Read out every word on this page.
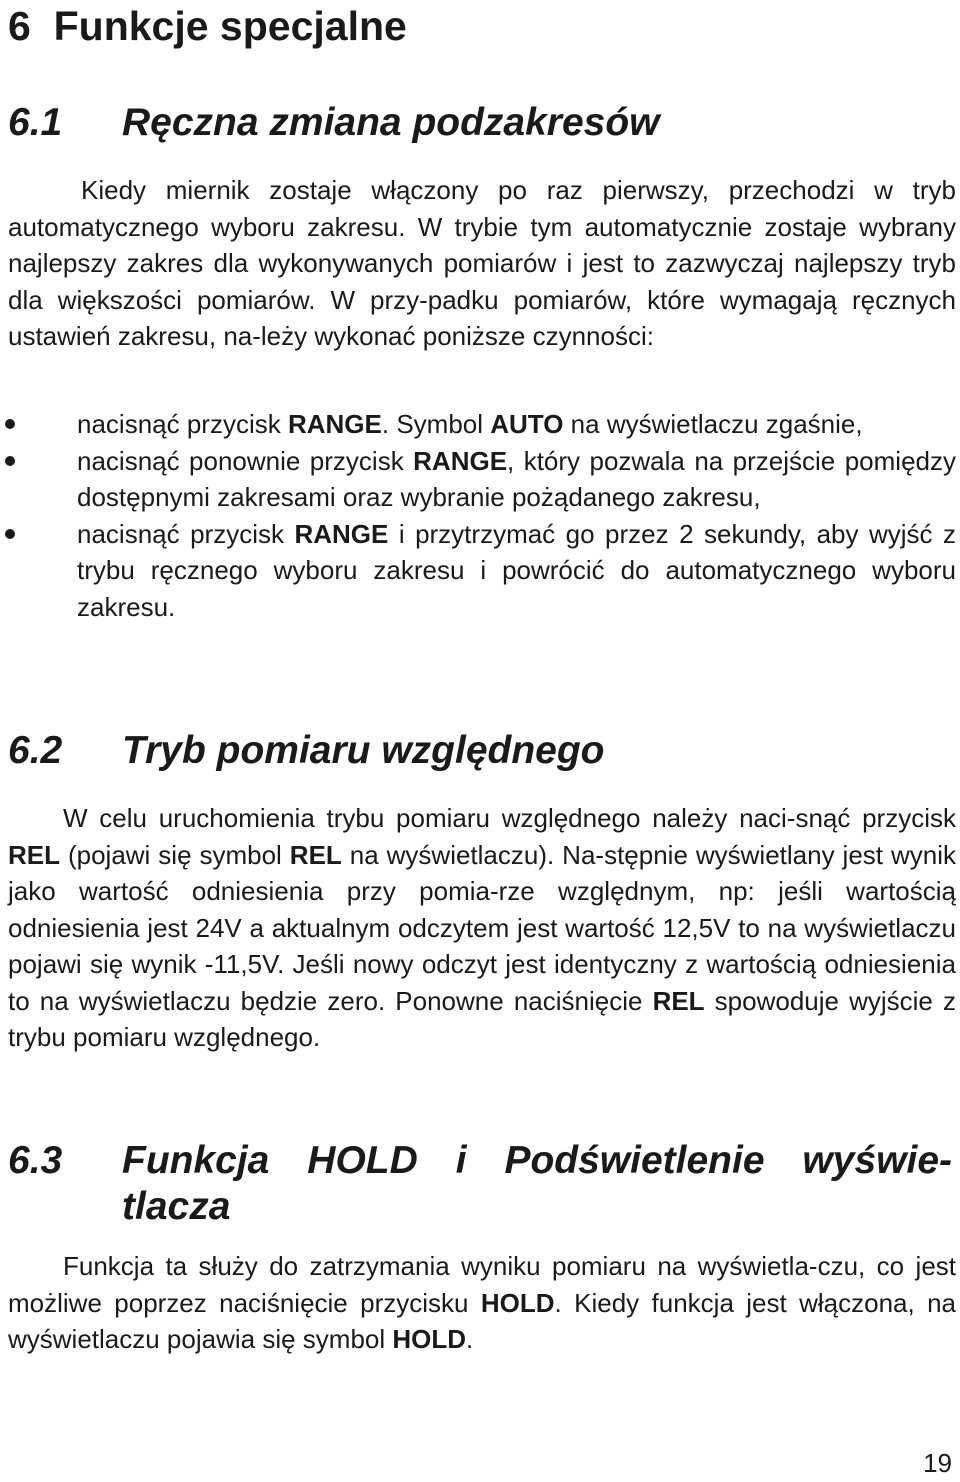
6 Funkcje specjalne
6.1 Ręczna zmiana podzakresów

Kiedy miernik zostaje włączony po raz pierwszy, przechodzi w tryb automatycznego wyboru zakresu. W trybie tym automatycznie zostaje wybrany najlepszy zakres dla wykonywanych pomiarów i jest to zazwyczaj najlepszy tryb dla większości pomiarów. W przy-padku pomiarów, które wymagają ręcznych ustawień zakresu, na-leży wykonać poniższe czynności:

nacisnąć przycisk RANGE. Symbol AUTO na wyświetlaczu zgaśnie,
nacisnąć ponownie przycisk RANGE, który pozwala na przejście pomiędzy dostępnymi zakresami oraz wybranie pożądanego zakresu,
nacisnąć przycisk RANGE i przytrzymać go przez 2 sekundy, aby wyjść z trybu ręcznego wyboru zakresu i powrócić do automatycznego wyboru zakresu.
6.2 Tryb pomiaru względnego

W celu uruchomienia trybu pomiaru względnego należy naci-snąć przycisk REL (pojawi się symbol REL na wyświetlaczu). Na-stępnie wyświetlany jest wynik jako wartość odniesienia przy pomia-rze względnym, np: jeśli wartością odniesienia jest 24V a aktualnym odczytem jest wartość 12,5V to na wyświetlaczu pojawi się wynik -11,5V. Jeśli nowy odczyt jest identyczny z wartością odniesienia to na wyświetlaczu będzie zero. Ponowne naciśnięcie REL spowoduje wyjście z trybu pomiaru względnego.

6.3	Funkcja HOLD i Podświetlenie wyświe-tlacza

Funkcja ta służy do zatrzymania wyniku pomiaru na wyświetla-czu, co jest możliwe poprzez naciśnięcie przycisku HOLD. Kiedy funkcja jest włączona, na wyświetlaczu pojawia się symbol HOLD.

19
